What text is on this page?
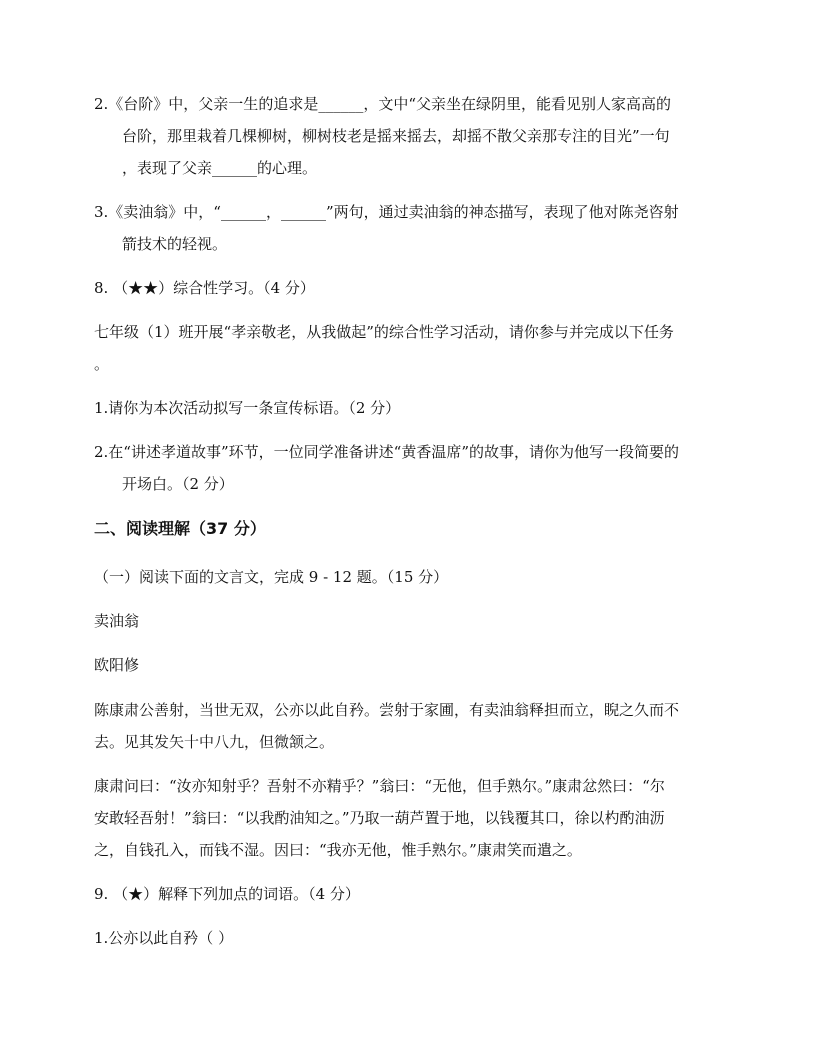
2.《台阶》中，父亲一生的追求是______，文中“父亲坐在绿阴里，能看见别人家高高的
台阶，那里栽着几棵柳树，柳树枝老是摇来摇去，却摇不散父亲那专注的目光”一句
，表现了父亲______的心理。
3.《卖油翁》中，“______，______”两句，通过卖油翁的神态描写，表现了他对陈尧咨射
箭技术的轻视。
8. （★★）综合性学习。（4 分）
七年级（1）班开展“孝亲敬老，从我做起”的综合性学习活动，请你参与并完成以下任务
。
1.请你为本次活动拟写一条宣传标语。（2 分）
2.在“讲述孝道故事”环节，一位同学准备讲述“黄香温席”的故事，请你为他写一段简要的
开场白。（2 分）
二、阅读理解（37 分）
（一）阅读下面的文言文，完成 9 - 12 题。（15 分）
卖油翁
欧阳修
陈康肃公善射，当世无双，公亦以此自矜。尝射于家圃，有卖油翁释担而立，睨之久而不
去。见其发矢十中八九，但微颔之。
康肃问曰：“汝亦知射乎？吾射不亦精乎？”翁曰：“无他，但手熟尔。”康肃忿然曰：“尔
安敢轻吾射！”翁曰：“以我酌油知之。”乃取一葫芦置于地，以钱覆其口，徐以杓酌油沥
之，自钱孔入，而钱不湿。因曰：“我亦无他，惟手熟尔。”康肃笑而遣之。
9. （★）解释下列加点的词语。（4 分）
1.公亦以此自矜（ ）
